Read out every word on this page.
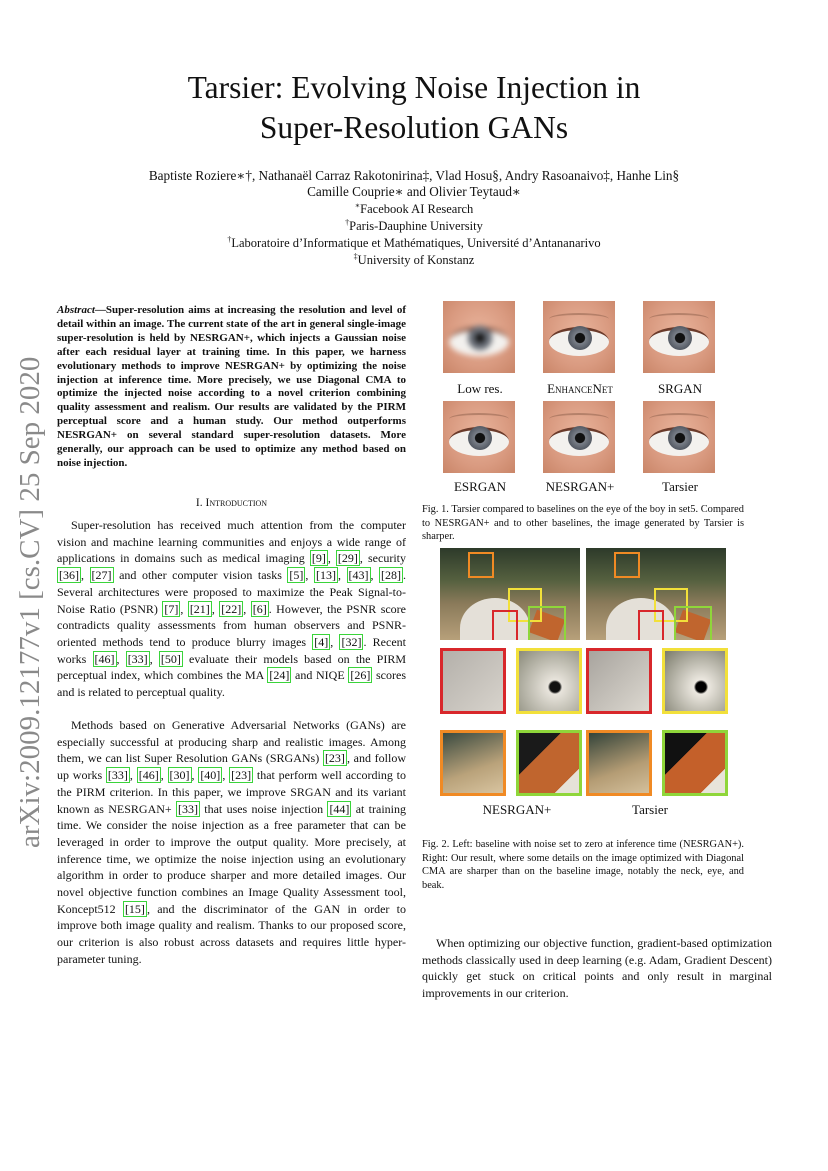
Tarsier: Evolving Noise Injection in
Super-Resolution GANs
Baptiste Roziere∗†, Nathanaël Carraz Rakotonirina‡, Vlad Hosu§, Andry Rasoanaivo‡, Hanhe Lin§
Camille Couprie∗ and Olivier Teytaud∗
∗Facebook AI Research
†Paris-Dauphine University
†Laboratoire d’Informatique et Mathématiques, Université d’Antananarivo
‡University of Konstanz
arXiv:2009.12177v1 [cs.CV] 25 Sep 2020
Abstract—Super-resolution aims at increasing the resolution and level of detail within an image. The current state of the art in general single-image super-resolution is held by NESRGAN+, which injects a Gaussian noise after each residual layer at training time. In this paper, we harness evolutionary methods to improve NESRGAN+ by optimizing the noise injection at inference time. More precisely, we use Diagonal CMA to optimize the injected noise according to a novel criterion combining quality assessment and realism. Our results are validated by the PIRM perceptual score and a human study. Our method outperforms NESRGAN+ on several standard super-resolution datasets. More generally, our approach can be used to optimize any method based on noise injection.
I. Introduction

Super-resolution has received much attention from the computer vision and machine learning communities and enjoys a wide range of applications in domains such as medical imaging [9] , [29] , security [36] , [27] and other computer vision tasks [5] , [13] , [43] , [28] . Several architectures were proposed to maximize the Peak Signal-to-Noise Ratio (PSNR) [7] , [21] , [22] , [6] . However, the PSNR score contradicts quality assessments from human observers and PSNR-oriented methods tend to produce blurry images [4] , [32] . Recent works [46] , [33] , [50] evaluate their models based on the PIRM perceptual index, which combines the MA [24] and NIQE [26] scores and is related to perceptual quality.

Methods based on Generative Adversarial Networks (GANs) are especially successful at producing sharp and realistic images. Among them, we can list Super Resolution GANs (SRGANs) [23] , and follow up works [33] , [46] , [30] , [40] , [23] that perform well according to the PIRM criterion. In this paper, we improve SRGAN and its variant known as NESRGAN+ [33] that uses noise injection [44] at training time. We consider the noise injection as a free parameter that can be leveraged in order to improve the output quality. More precisely, at inference time, we optimize the noise injection using an evolutionary algorithm in order to produce sharper and more detailed images. Our novel objective function combines an Image Quality Assessment tool, Koncept512 [15] , and the discriminator of the GAN in order to improve both image quality and realism. Thanks to our proposed score, our criterion is also robust across datasets and requires little hyper-parameter tuning.

Low res.	EnhanceNet	SRGAN
ESRGAN	NESRGAN+	Tarsier
Fig. 1. Tarsier compared to baselines on the eye of the boy in set5. Compared to NESRGAN+ and to other baselines, the image generated by Tarsier is sharper.
NESRGAN+	Tarsier
Fig. 2. Left: baseline with noise set to zero at inference time (NESRGAN+). Right: Our result, where some details on the image optimized with Diagonal CMA are sharper than on the baseline image, notably the neck, eye, and beak.

When optimizing our objective function, gradient-based optimization methods classically used in deep learning (e.g. Adam, Gradient Descent) quickly get stuck on critical points and only result in marginal improvements in our criterion.
